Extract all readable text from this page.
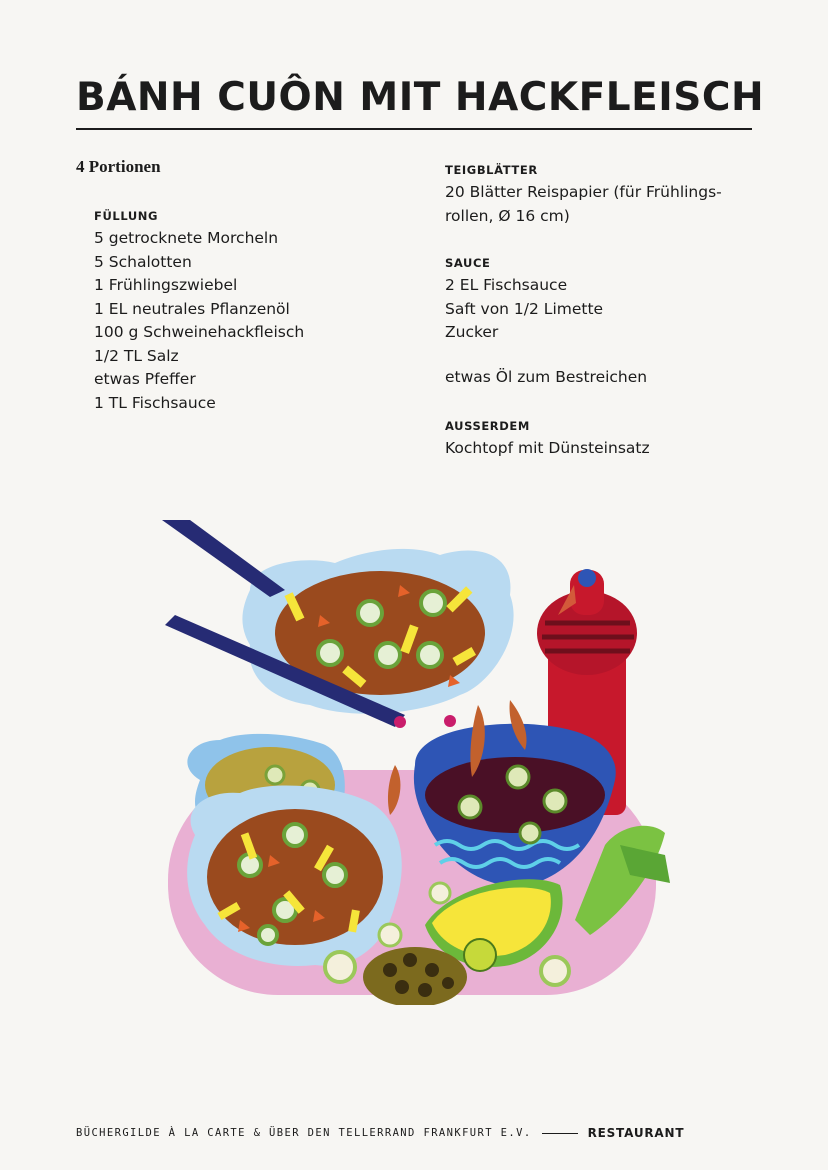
BÁNH CUÔN MIT HACKFLEISCH
4 Portionen
FÜLLUNG
5 getrocknete Morcheln
5 Schalotten
1 Frühlingszwiebel
1 EL neutrales Pflanzenöl
100 g Schweinehackfleisch
1/2 TL Salz
etwas Pfeffer
1 TL Fischsauce
TEIGBLÄTTER
20 Blätter Reispapier (für Frühlings-
rollen, Ø 16 cm)
SAUCE
2 EL Fischsauce
Saft von 1/2 Limette
Zucker
etwas Öl zum Bestreichen
AUSSERDEM
Kochtopf mit Dünsteinsatz
BÜCHERGILDE À LA CARTE & ÜBER DEN TELLERRAND FRANKFURT E.V.	RESTAURANT
